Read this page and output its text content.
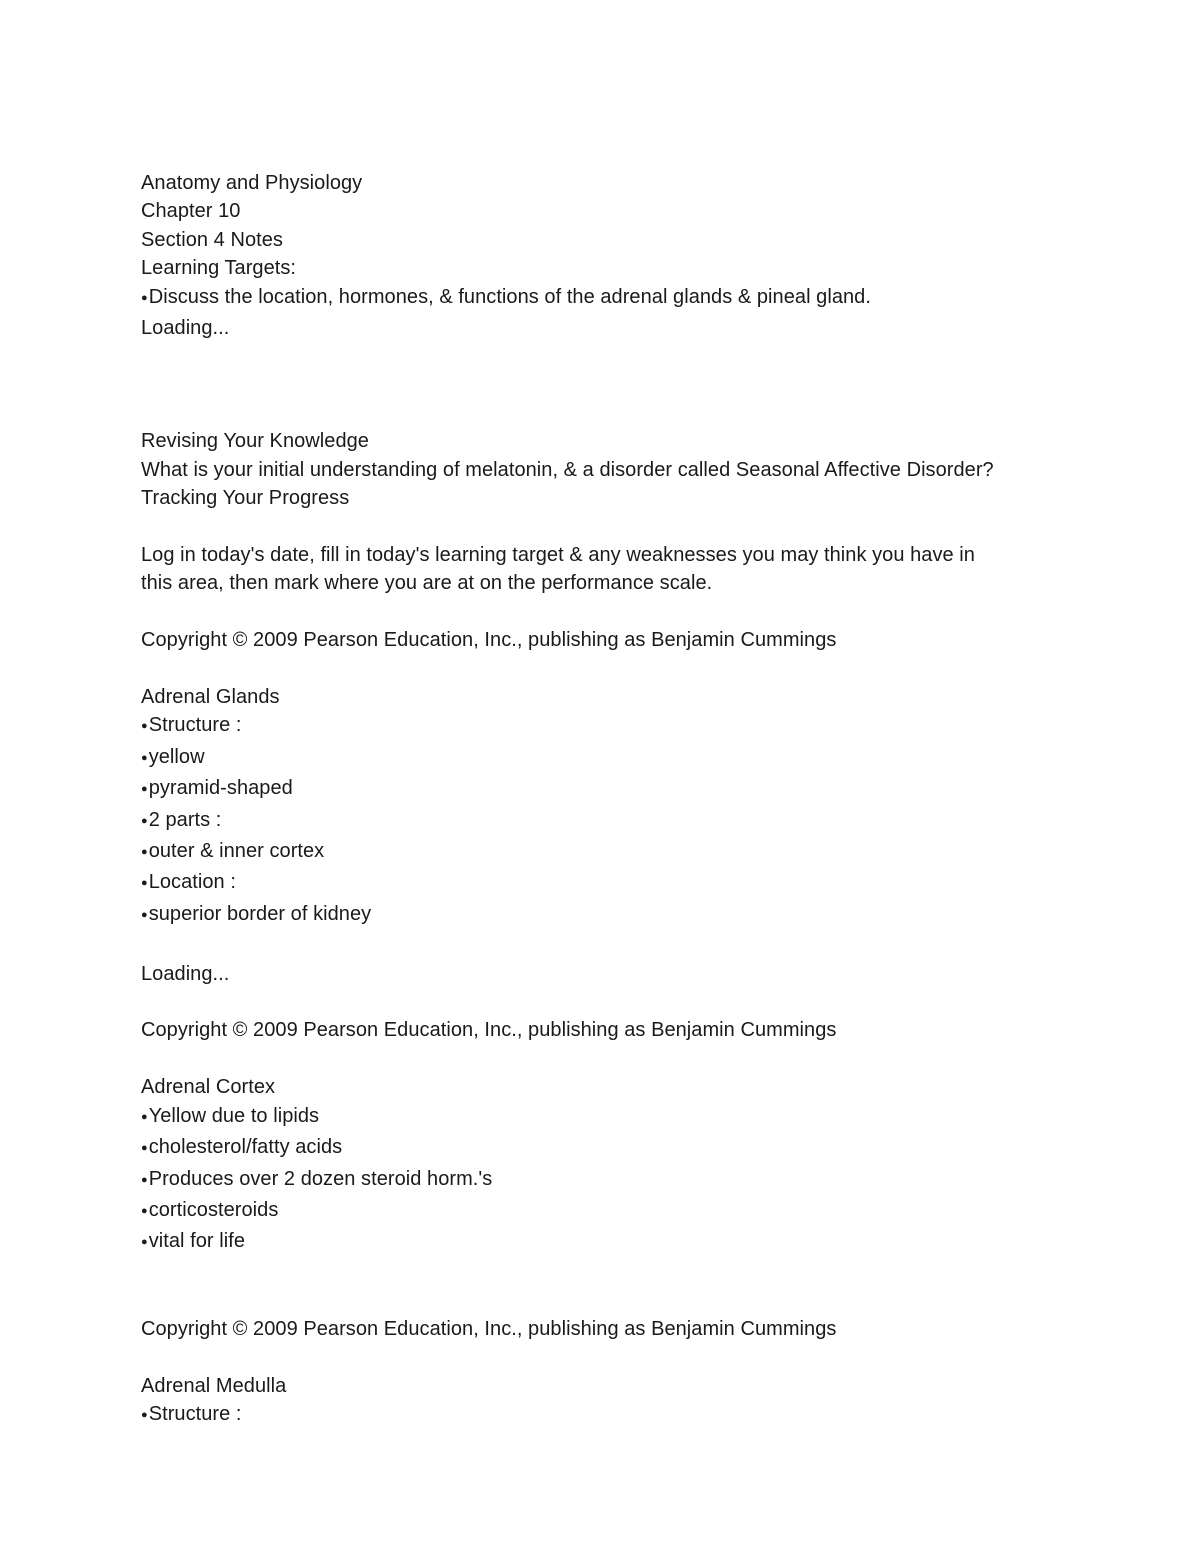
Anatomy and Physiology
Chapter 10
Section 4 Notes
Learning Targets:
● Discuss the location, hormones, & functions of the adrenal glands & pineal gland.
Loading...
Revising Your Knowledge
What is your initial understanding of melatonin, & a disorder called Seasonal Affective Disorder?
Tracking Your Progress
Log in today's date, fill in today's learning target & any weaknesses you may think you have in
this area, then mark where you are at on the performance scale.
Copyright © 2009 Pearson Education, Inc., publishing as Benjamin Cummings
Adrenal Glands
● Structure :
● yellow
● pyramid-shaped
● 2 parts :
● outer & inner cortex
● Location :
● superior border of kidney
Loading...
Copyright © 2009 Pearson Education, Inc., publishing as Benjamin Cummings
Adrenal Cortex
● Yellow due to lipids
● cholesterol/fatty acids
● Produces over 2 dozen steroid horm.'s
● corticosteroids
● vital for life
Copyright © 2009 Pearson Education, Inc., publishing as Benjamin Cummings
Adrenal Medulla
● Structure :
